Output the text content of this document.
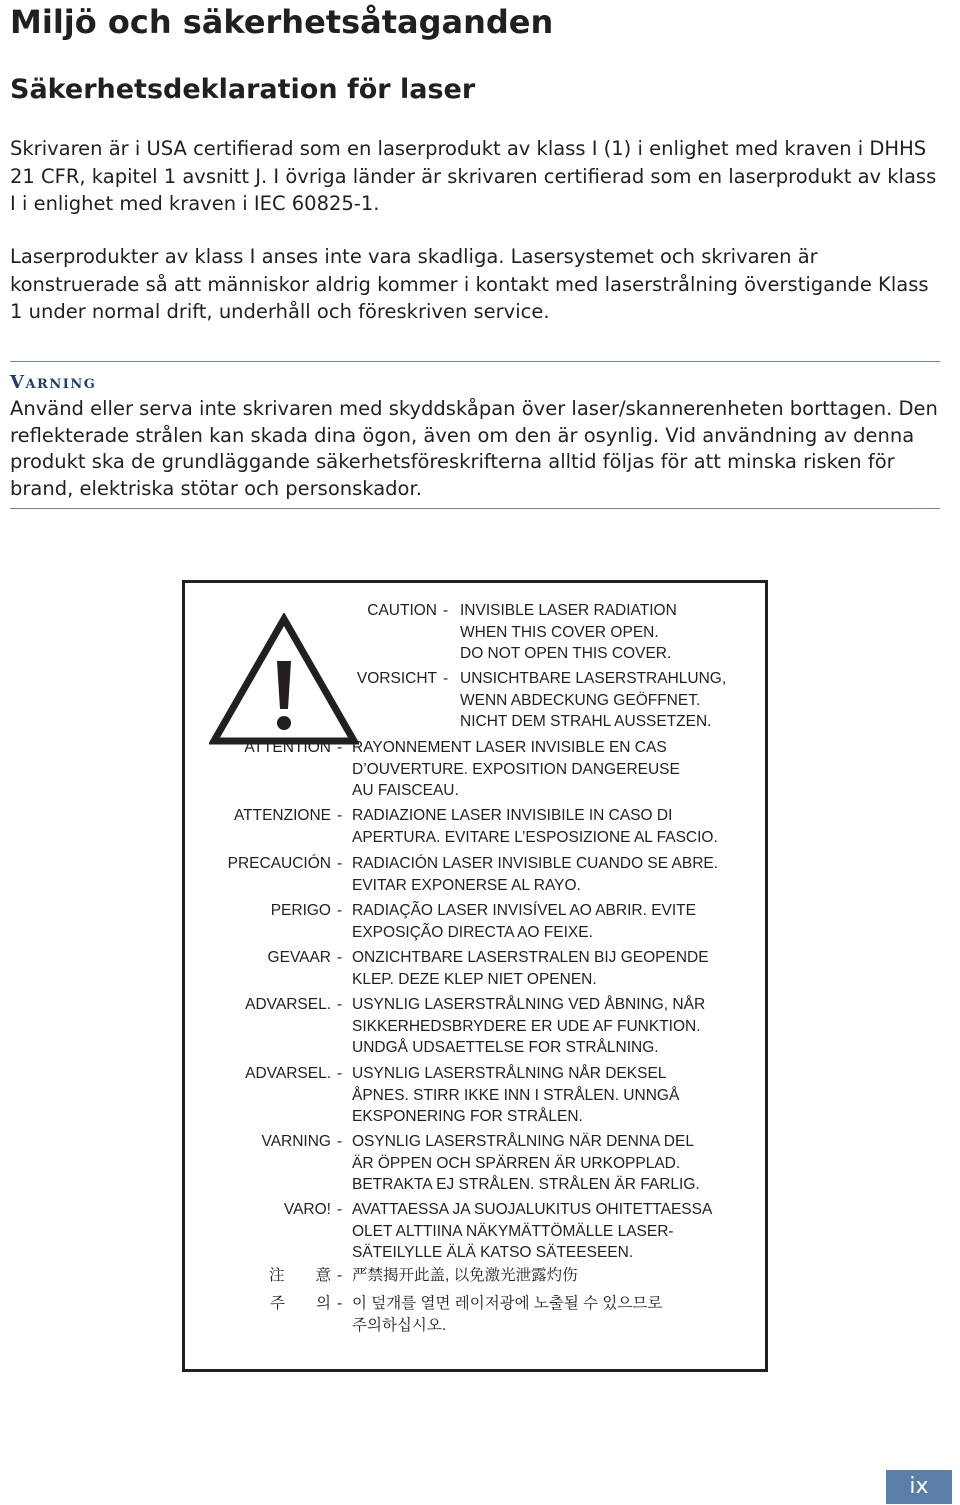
Miljö och säkerhetsåtaganden
Säkerhetsdeklaration för laser

Skrivaren är i USA certifierad som en laserprodukt av klass I (1) i enlighet med kraven i DHHS 21 CFR, kapitel 1 avsnitt J. I övriga länder är skrivaren certifierad som en laserprodukt av klass I i enlighet med kraven i IEC 60825-1.

Laserprodukter av klass I anses inte vara skadliga. Lasersystemet och skrivaren är konstruerade så att människor aldrig kommer i kontakt med laserstrålning överstigande Klass 1 under normal drift, underhåll och föreskriven service.

Varning
Använd eller serva inte skrivaren med skyddskåpan över laser/skannerenheten borttagen. Den reflekterade strålen kan skada dina ögon, även om den är osynlig. Vid användning av denna produkt ska de grundläggande säkerhetsföreskrifterna alltid följas för att minska risken för brand, elektriska stötar och personskador.
CAUTION - INVISIBLE LASER RADIATION
WHEN THIS COVER OPEN.
DO NOT OPEN THIS COVER.
VORSICHT - UNSICHTBARE LASERSTRAHLUNG,
WENN ABDECKUNG GEÖFFNET.
NICHT DEM STRAHL AUSSETZEN.
ATTENTION - RAYONNEMENT LASER INVISIBLE EN CAS
D’OUVERTURE. EXPOSITION DANGEREUSE
AU FAISCEAU.
ATTENZIONE - RADIAZIONE LASER INVISIBILE IN CASO DI
APERTURA. EVITARE L’ESPOSIZIONE AL FASCIO.
PRECAUCIÓN - RADIACIÓN LASER INVISIBLE CUANDO SE ABRE.
EVITAR EXPONERSE AL RAYO.
PERIGO - RADIAÇÃO LASER INVISÍVEL AO ABRIR. EVITE
EXPOSIÇÃO DIRECTA AO FEIXE.
GEVAAR - ONZICHTBARE LASERSTRALEN BIJ GEOPENDE
KLEP. DEZE KLEP NIET OPENEN.
ADVARSEL. - USYNLIG LASERSTRÅLNING VED ÅBNING, NÅR
SIKKERHEDSBRYDERE ER UDE AF FUNKTION.
UNDGÅ UDSAETTELSE FOR STRÅLNING.
ADVARSEL. - USYNLIG LASERSTRÅLNING NÅR DEKSEL
ÅPNES. STIRR IKKE INN I STRÅLEN. UNNGÅ
EKSPONERING FOR STRÅLEN.
VARNING - OSYNLIG LASERSTRÅLNING NÄR DENNA DEL
ÄR ÖPPEN OCH SPÄRREN ÄR URKOPPLAD.
BETRAKTA EJ STRÅLEN. STRÅLEN ÄR FARLIG.
VARO! - AVATTAESSA JA SUOJALUKITUS OHITETTAESSA
OLET ALTTIINA NÄKYMÄTTÖMÄLLE LASER-
SÄTEILYLLE ÄLÄ KATSO SÄTEESEEN.
注　　意 - 严禁揭开此盖, 以免激光泄露灼伤
주　　의 - 이 덮개를 열면 레이저광에 노출될 수 있으므로
주의하십시오.
ix
